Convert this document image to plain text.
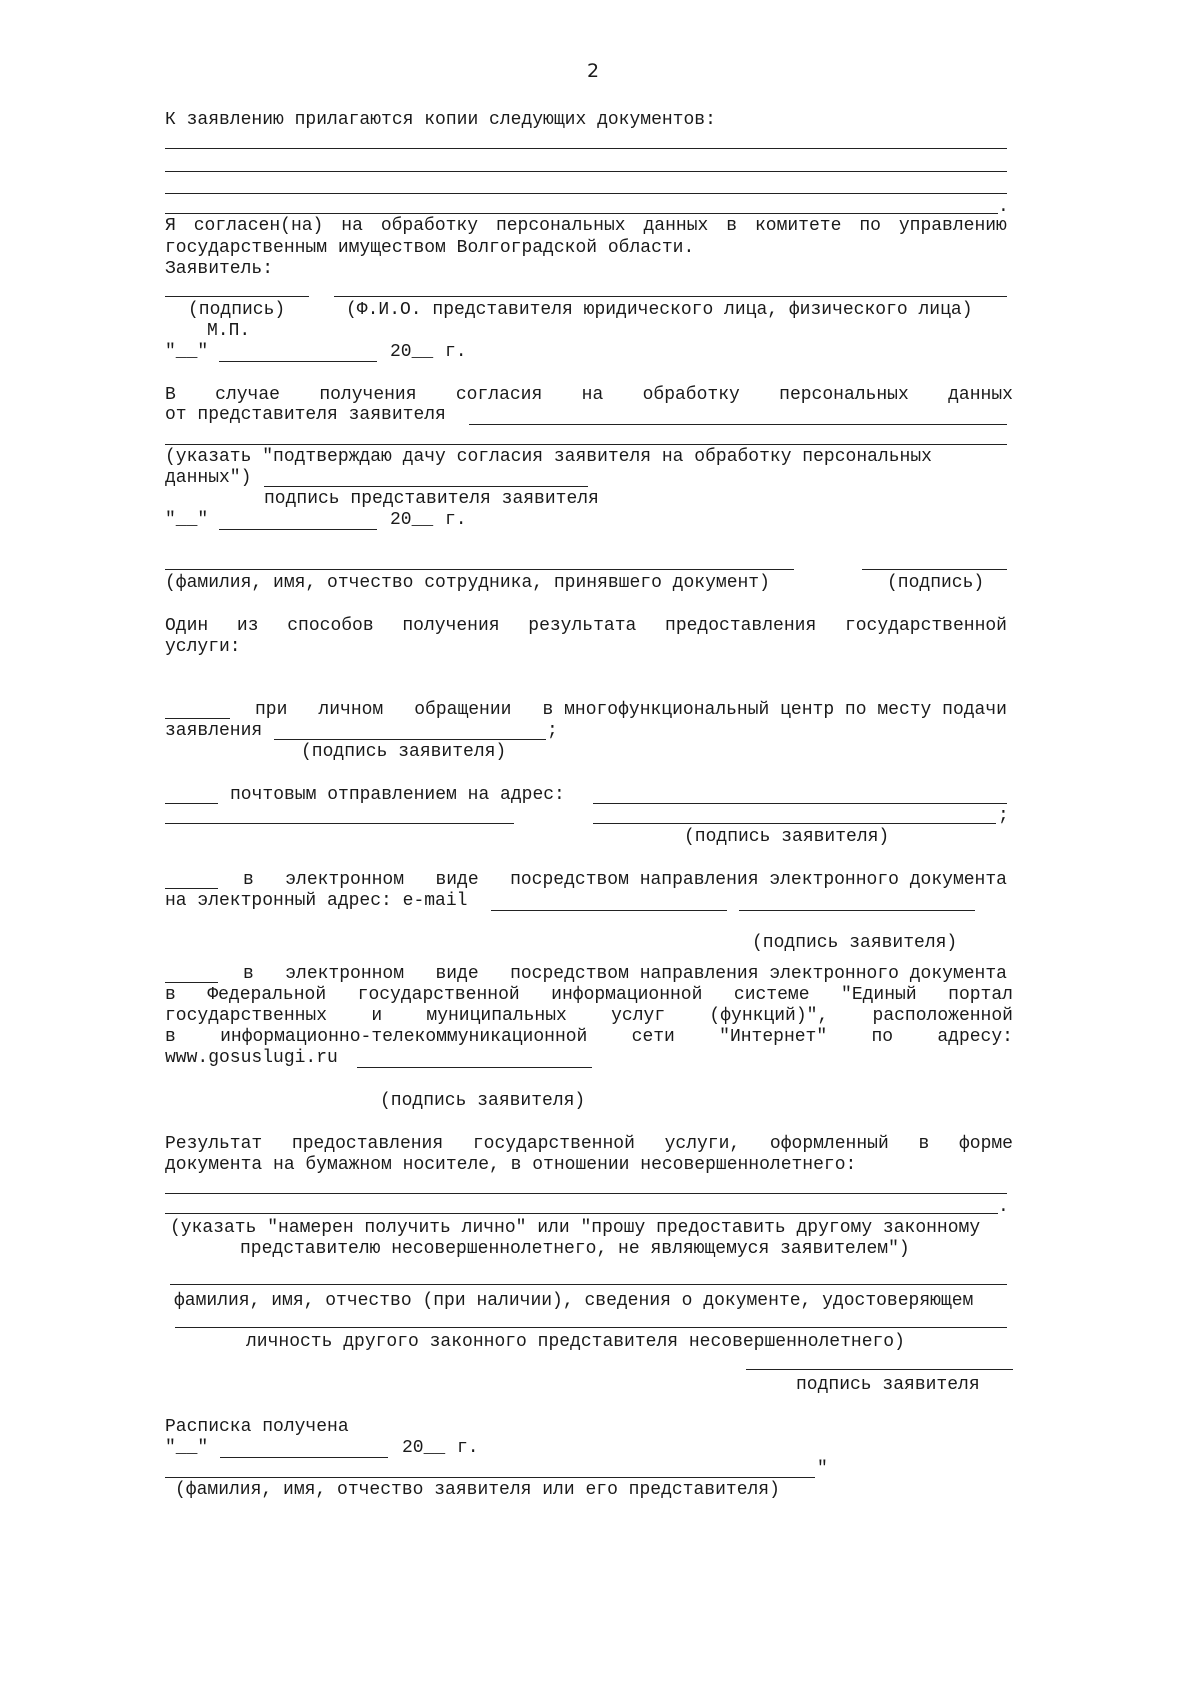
2
К заявлению прилагаются копии следующих документов:
.
Я согласен(на) на обработку персональных данных в комитете по управлению
государственным имуществом Волгоградской области.
Заявитель:
(подпись)	(Ф.И.О. представителя юридического лица, физического лица)
М.П.
"__"	20__ г.
В случае получения согласия на обработку персональных данных
от представителя заявителя
(указать "подтверждаю дачу согласия заявителя на обработку персональных
данных")
подпись представителя заявителя
"__"	20__ г.
(фамилия, имя, отчество сотрудника, принявшего документ)	(подпись)
Один из способов получения результата предоставления государственной
услуги:
при личном обращении в многофункциональный центр по месту подачи
заявления	;
(подпись заявителя)
почтовым отправлением на адрес:
;
(подпись заявителя)
в электронном виде посредством направления электронного документа
на электронный адрес: e-mail
(подпись заявителя)
в электронном виде посредством направления электронного документа
в Федеральной государственной информационной системе "Единый портал
государственных и муниципальных услуг (функций)", расположенной
в информационно-телекоммуникационной сети "Интернет" по адресу:
www.gosuslugi.ru
(подпись заявителя)
Результат предоставления государственной услуги, оформленный в форме
документа на бумажном носителе, в отношении несовершеннолетнего:
.
(указать "намерен получить лично" или "прошу предоставить другому законному
представителю несовершеннолетнего, не являющемуся заявителем")
фамилия, имя, отчество (при наличии), сведения о документе, удостоверяющем
личность другого законного представителя несовершеннолетнего)
подпись заявителя
Расписка получена
"__"	20__ г.
"
(фамилия, имя, отчество заявителя или его представителя)
